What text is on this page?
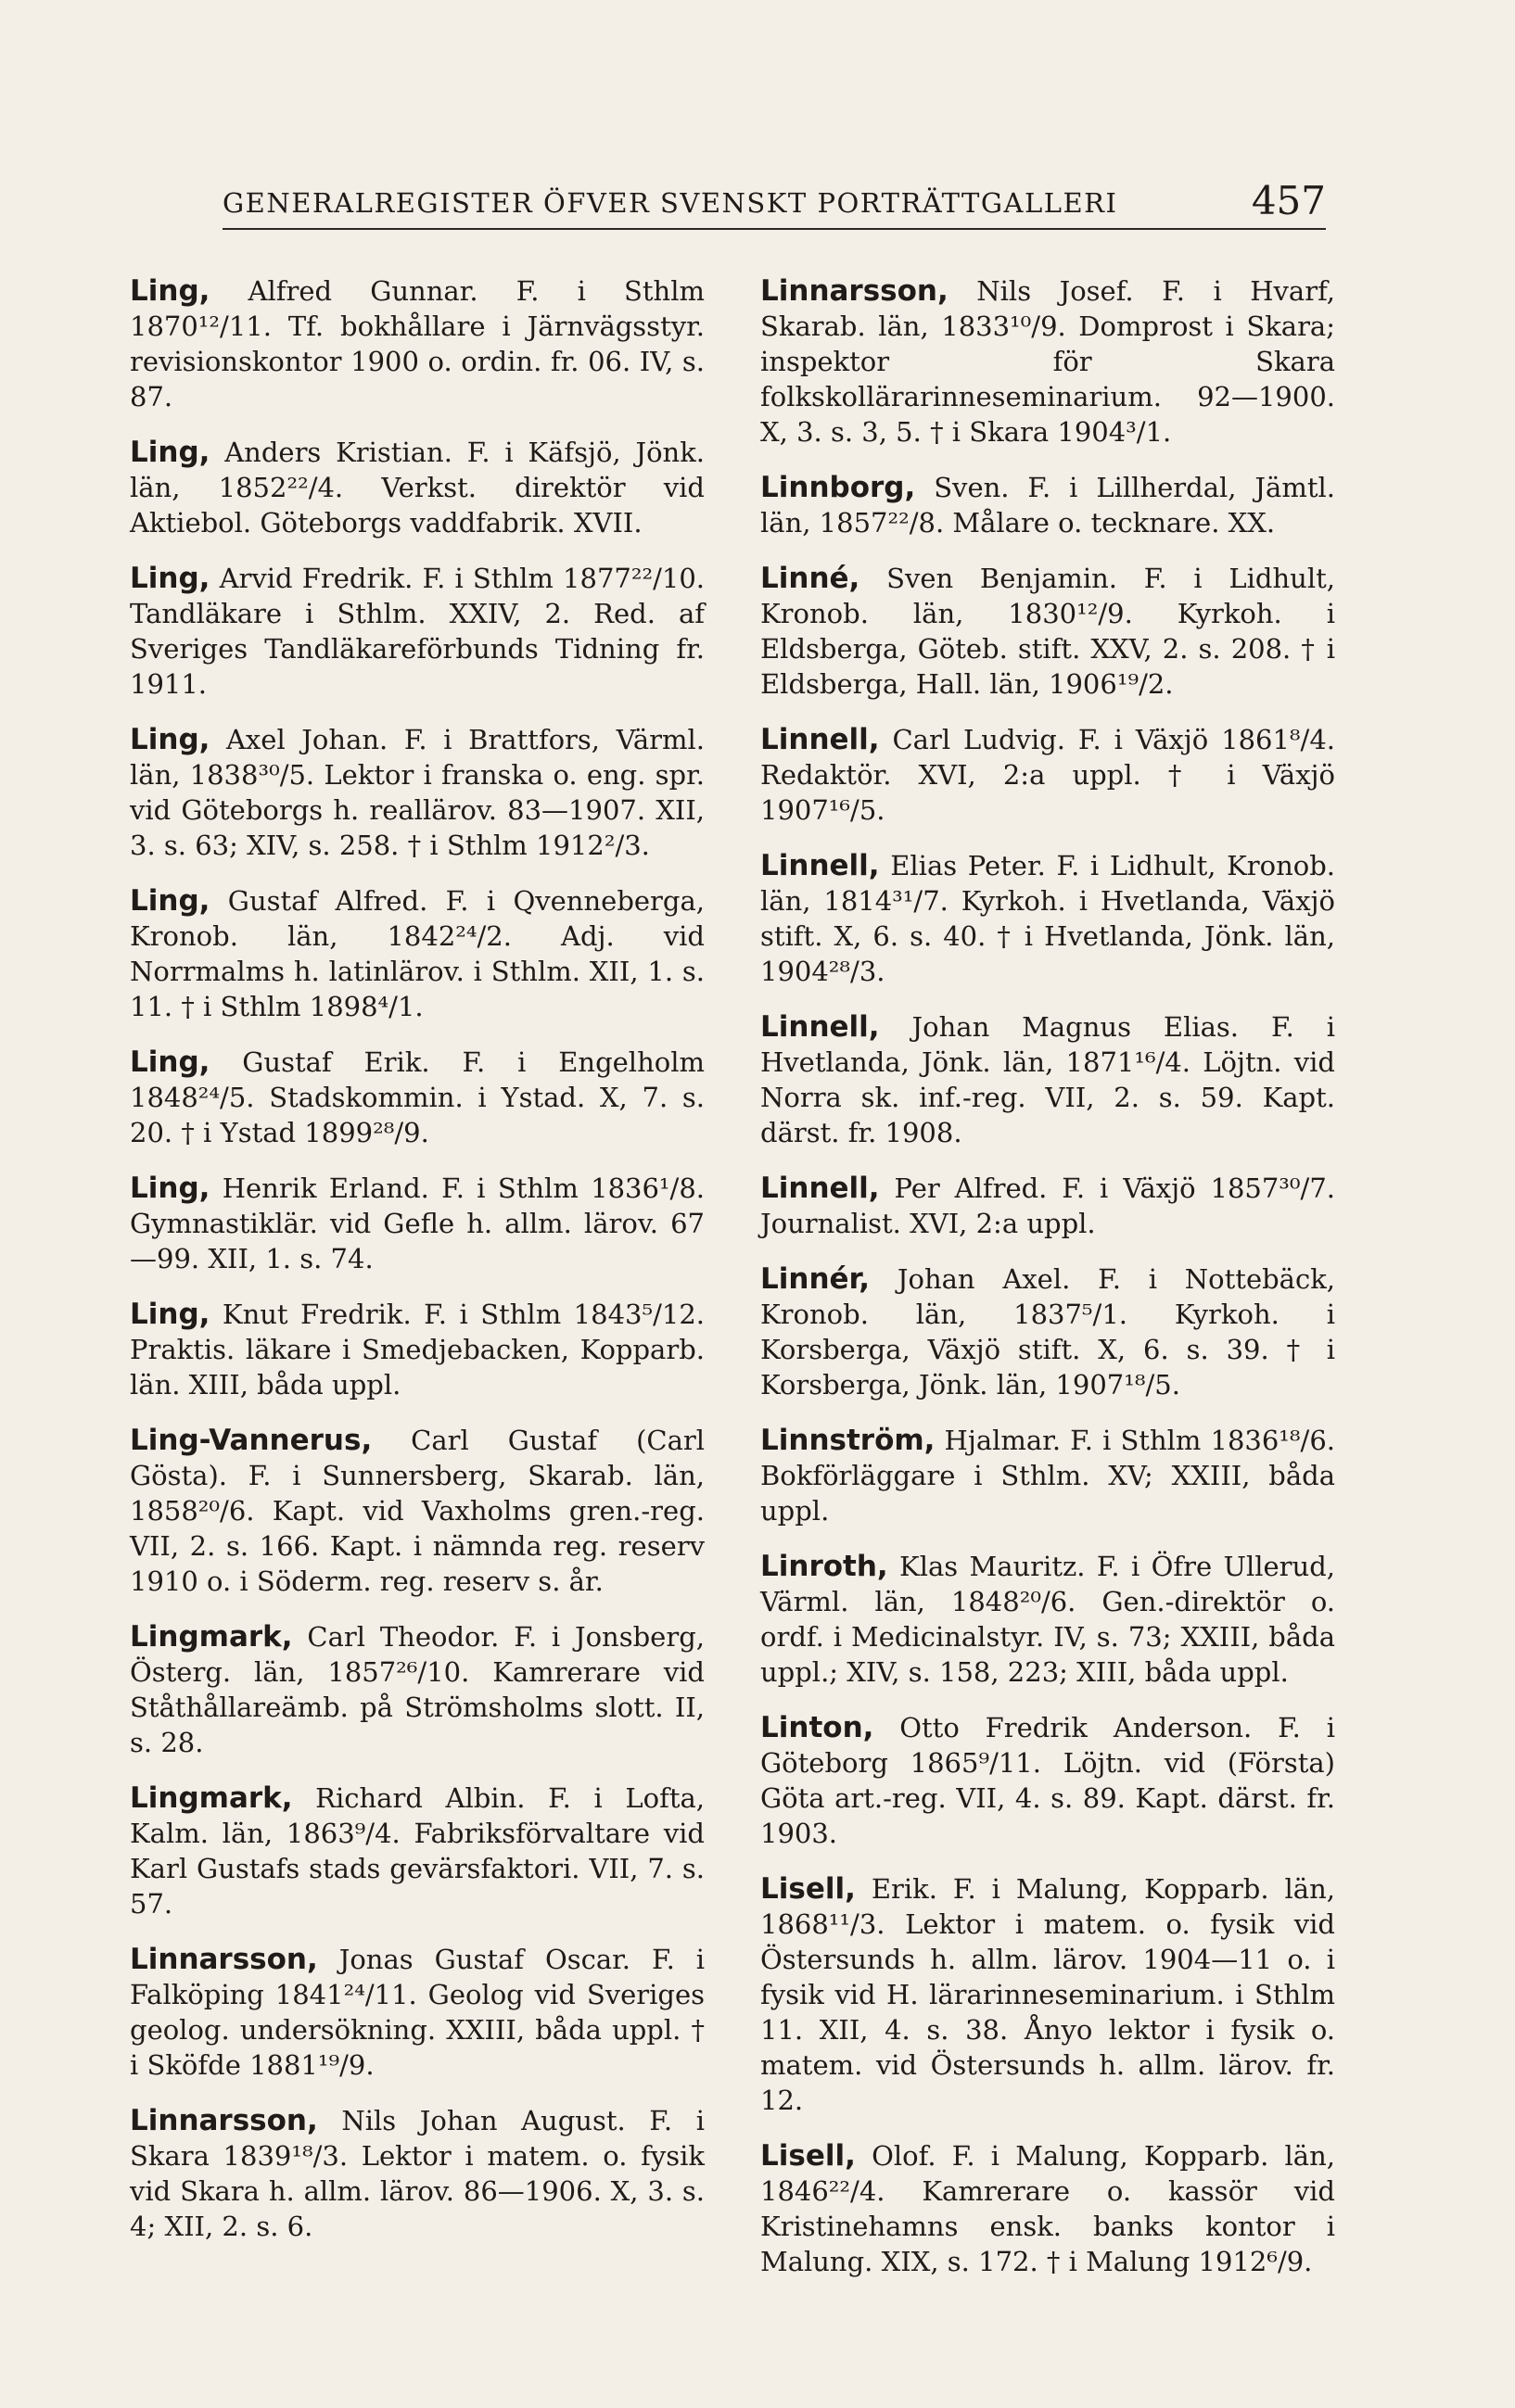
GENERALREGISTER ÖFVER SVENSKT PORTRÄTTGALLERI	457

Ling, Alfred Gunnar. F. i Sthlm 1870¹²/11. Tf. bokhållare i Järnvägsstyr. revisionskontor 1900 o. ordin. fr. 06. IV, s. 87.

Ling, Anders Kristian. F. i Käfsjö, Jönk. län, 1852²²/4. Verkst. direktör vid Aktiebol. Göteborgs vaddfabrik. XVII.

Ling, Arvid Fredrik. F. i Sthlm 1877²²/10. Tandläkare i Sthlm. XXIV, 2. Red. af Sveriges Tandläkareförbunds Tidning fr. 1911.

Ling, Axel Johan. F. i Brattfors, Värml. län, 1838³⁰/5. Lektor i franska o. eng. spr. vid Göteborgs h. reallärov. 83—1907. XII, 3. s. 63; XIV, s. 258. † i Sthlm 1912²/3.

Ling, Gustaf Alfred. F. i Qvenneberga, Kronob. län, 1842²⁴/2. Adj. vid Norrmalms h. latinlärov. i Sthlm. XII, 1. s. 11. † i Sthlm 1898⁴/1.

Ling, Gustaf Erik. F. i Engelholm 1848²⁴/5. Stadskommin. i Ystad. X, 7. s. 20. † i Ystad 1899²⁸/9.

Ling, Henrik Erland. F. i Sthlm 1836¹/8. Gymnastiklär. vid Gefle h. allm. lärov. 67—99. XII, 1. s. 74.

Ling, Knut Fredrik. F. i Sthlm 1843⁵/12. Praktis. läkare i Smedjebacken, Kopparb. län. XIII, båda uppl.

Ling-Vannerus, Carl Gustaf (Carl Gösta). F. i Sunnersberg, Skarab. län, 1858²⁰/6. Kapt. vid Vaxholms gren.-reg. VII, 2. s. 166. Kapt. i nämnda reg. reserv 1910 o. i Söderm. reg. reserv s. år.

Lingmark, Carl Theodor. F. i Jonsberg, Österg. län, 1857²⁶/10. Kamrerare vid Ståthållareämb. på Strömsholms slott. II, s. 28.

Lingmark, Richard Albin. F. i Lofta, Kalm. län, 1863⁹/4. Fabriksförvaltare vid Karl Gustafs stads gevärsfaktori. VII, 7. s. 57.

Linnarsson, Jonas Gustaf Oscar. F. i Falköping 1841²⁴/11. Geolog vid Sveriges geolog. undersökning. XXIII, båda uppl. † i Sköfde 1881¹⁹/9.

Linnarsson, Nils Johan August. F. i Skara 1839¹⁸/3. Lektor i matem. o. fysik vid Skara h. allm. lärov. 86—1906. X, 3. s. 4; XII, 2. s. 6.

Linnarsson, Nils Josef. F. i Hvarf, Skarab. län, 1833¹⁰/9. Domprost i Skara; inspektor för Skara folkskollärarinneseminarium. 92—1900. X, 3. s. 3, 5. † i Skara 1904³/1.

Linnborg, Sven. F. i Lillherdal, Jämtl. län, 1857²²/8. Målare o. tecknare. XX.

Linné, Sven Benjamin. F. i Lidhult, Kronob. län, 1830¹²/9. Kyrkoh. i Eldsberga, Göteb. stift. XXV, 2. s. 208. † i Eldsberga, Hall. län, 1906¹⁹/2.

Linnell, Carl Ludvig. F. i Växjö 1861⁸/4. Redaktör. XVI, 2:a uppl. † i Växjö 1907¹⁶/5.

Linnell, Elias Peter. F. i Lidhult, Kronob. län, 1814³¹/7. Kyrkoh. i Hvetlanda, Växjö stift. X, 6. s. 40. † i Hvetlanda, Jönk. län, 1904²⁸/3.

Linnell, Johan Magnus Elias. F. i Hvetlanda, Jönk. län, 1871¹⁶/4. Löjtn. vid Norra sk. inf.-reg. VII, 2. s. 59. Kapt. därst. fr. 1908.

Linnell, Per Alfred. F. i Växjö 1857³⁰/7. Journalist. XVI, 2:a uppl.

Linnér, Johan Axel. F. i Nottebäck, Kronob. län, 1837⁵/1. Kyrkoh. i Korsberga, Växjö stift. X, 6. s. 39. † i Korsberga, Jönk. län, 1907¹⁸/5.

Linnström, Hjalmar. F. i Sthlm 1836¹⁸/6. Bokförläggare i Sthlm. XV; XXIII, båda uppl.

Linroth, Klas Mauritz. F. i Öfre Ullerud, Värml. län, 1848²⁰/6. Gen.-direktör o. ordf. i Medicinalstyr. IV, s. 73; XXIII, båda uppl.; XIV, s. 158, 223; XIII, båda uppl.

Linton, Otto Fredrik Anderson. F. i Göteborg 1865⁹/11. Löjtn. vid (Första) Göta art.-reg. VII, 4. s. 89. Kapt. därst. fr. 1903.

Lisell, Erik. F. i Malung, Kopparb. län, 1868¹¹/3. Lektor i matem. o. fysik vid Östersunds h. allm. lärov. 1904—11 o. i fysik vid H. lärarinneseminarium. i Sthlm 11. XII, 4. s. 38. Ånyo lektor i fysik o. matem. vid Östersunds h. allm. lärov. fr. 12.

Lisell, Olof. F. i Malung, Kopparb. län, 1846²²/4. Kamrerare o. kassör vid Kristinehamns ensk. banks kontor i Malung. XIX, s. 172. † i Malung 1912⁶/9.
